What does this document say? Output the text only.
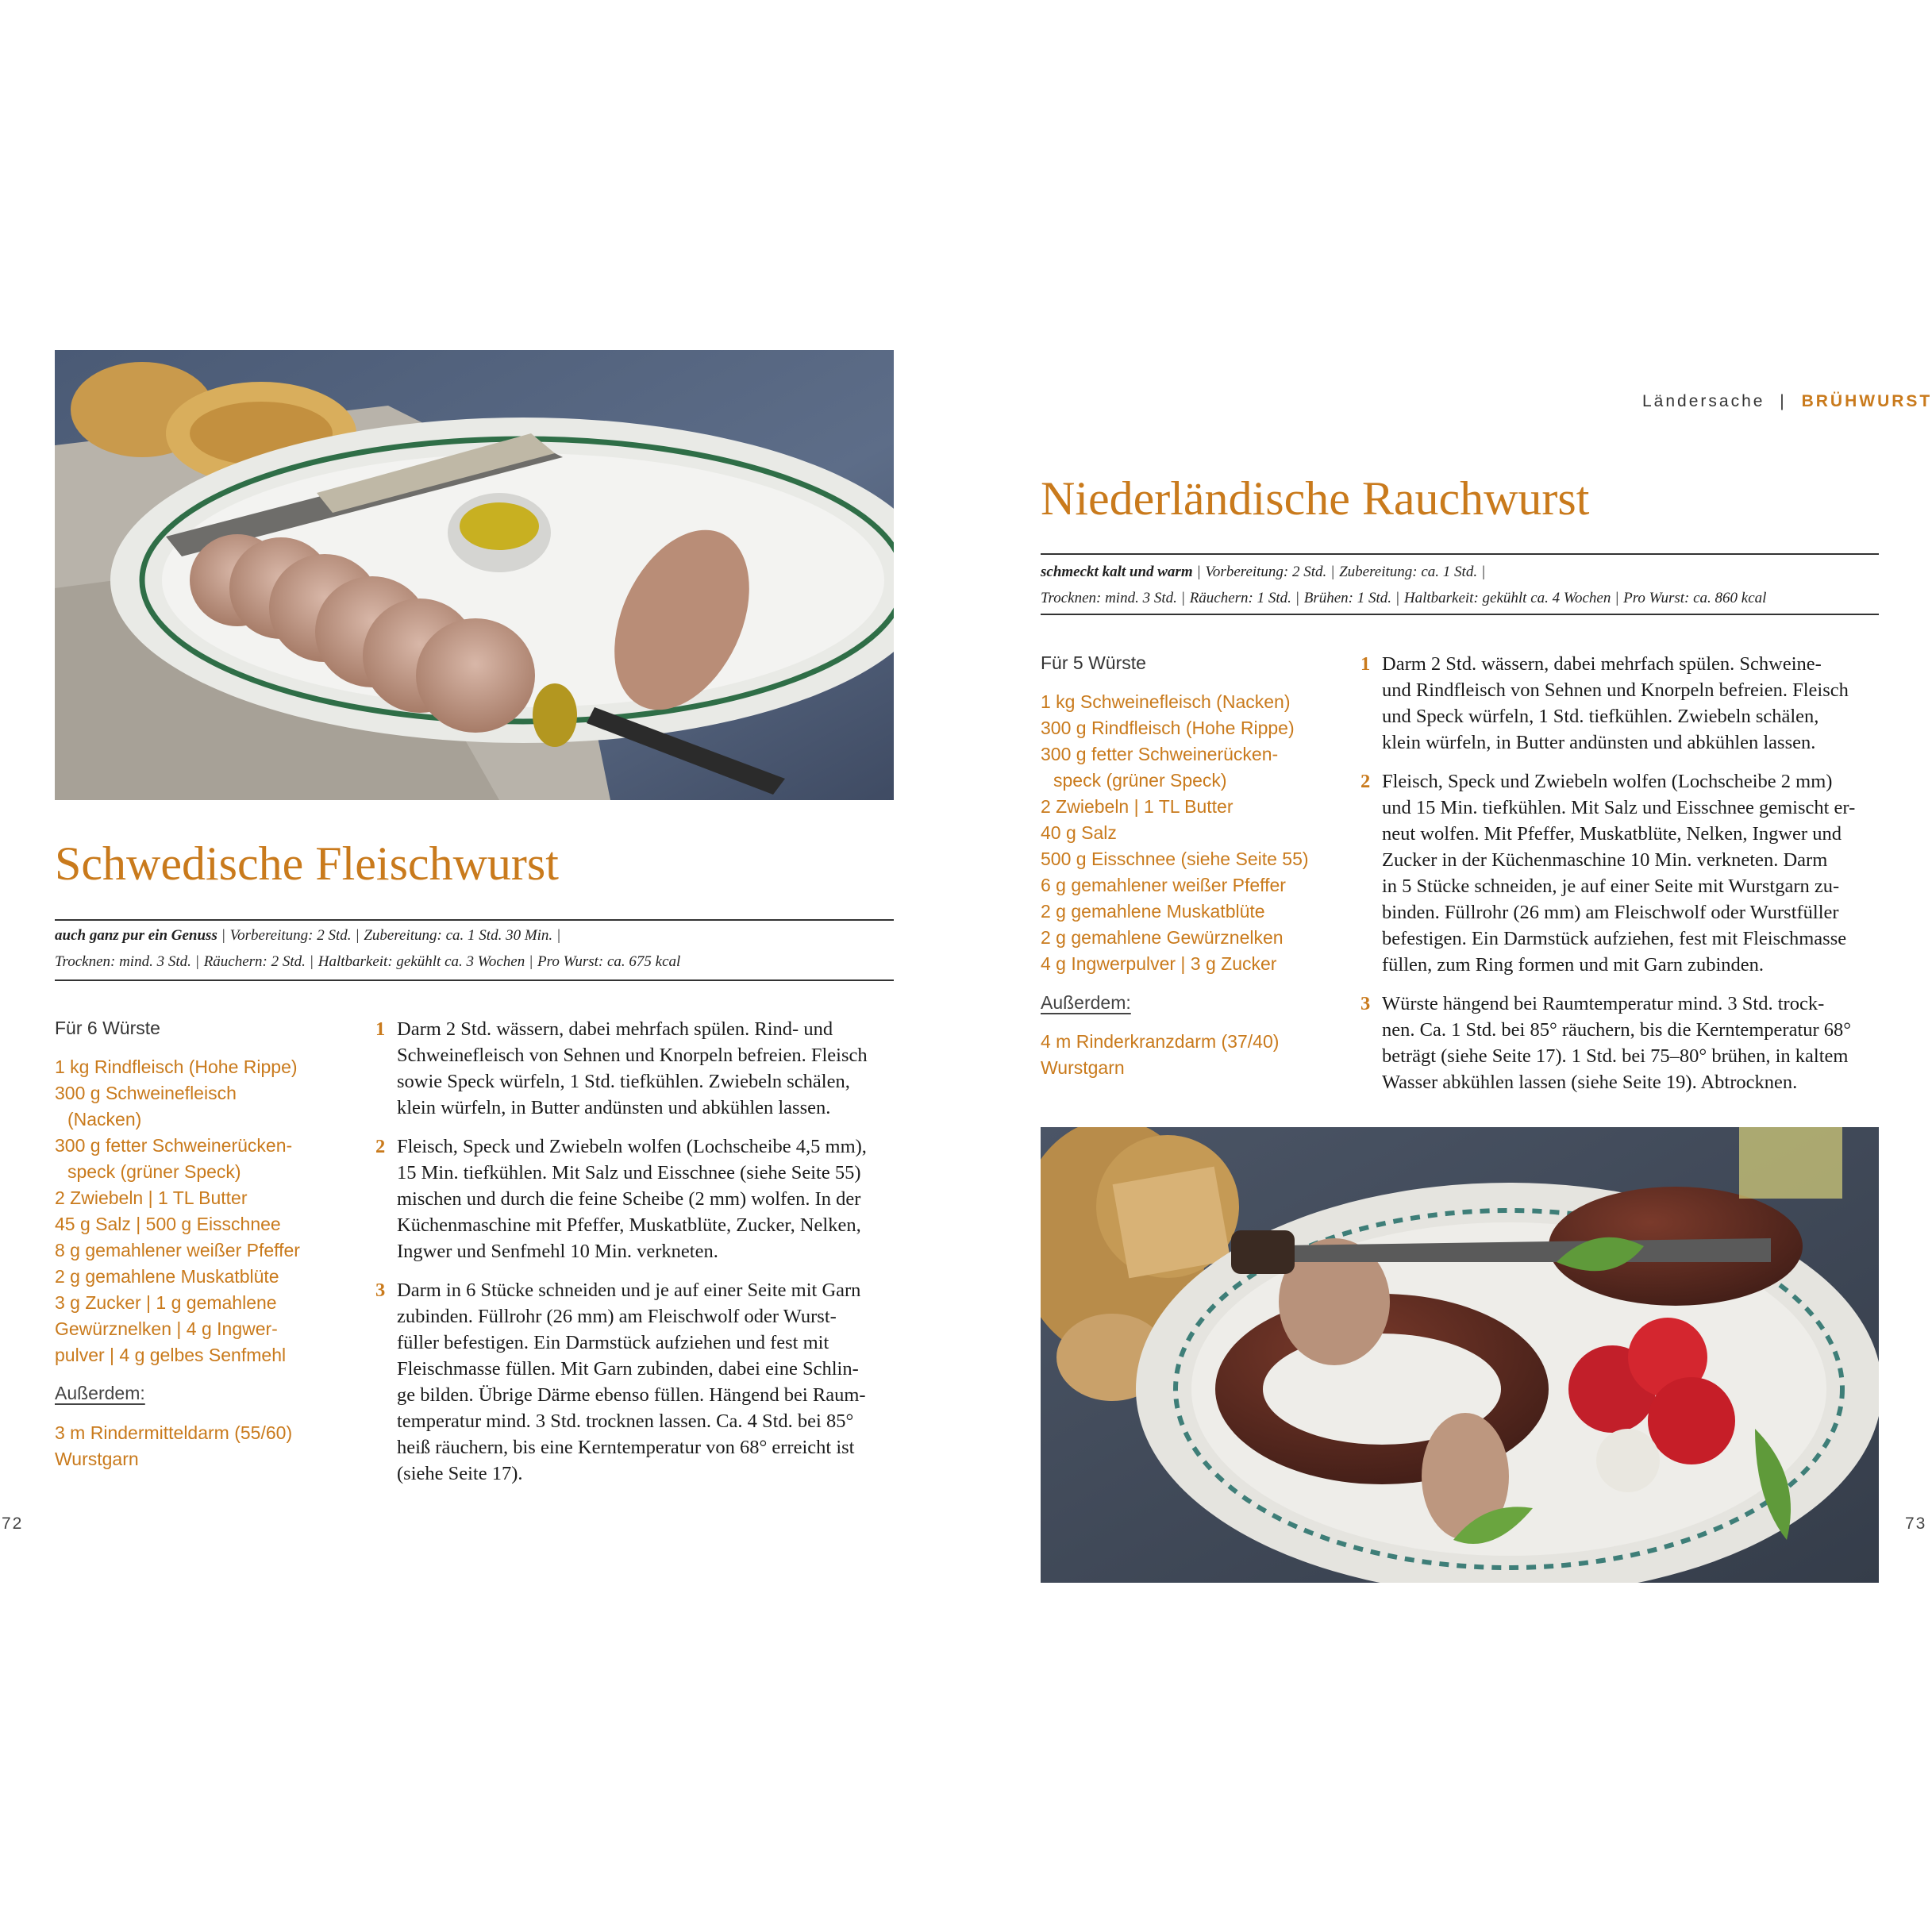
Schwedische Fleischwurst
auch ganz pur ein Genuss | Vorbereitung: 2 Std. | Zubereitung: ca. 1 Std. 30 Min. |
Trocknen: mind. 3 Std. | Räuchern: 2 Std. | Haltbarkeit: gekühlt ca. 3 Wochen | Pro Wurst: ca. 675 kcal
Für 6 Würste
1 kg Rindfleisch (Hohe Rippe)
300 g Schweinefleisch
(Nacken)
300 g fetter Schweinerücken-
speck (grüner Speck)
2 Zwiebeln | 1 TL Butter
45 g Salz | 500 g Eisschnee
8 g gemahlener weißer Pfeffer
2 g gemahlene Muskatblüte
3 g Zucker | 1 g gemahlene
Gewürznelken | 4 g Ingwer-
pulver | 4 g gelbes Senfmehl
Außerdem:
3 m Rindermitteldarm (55/60)
Wurstgarn
1 Darm 2 Std. wässern, dabei mehrfach spülen. Rind- und
Schweinefleisch von Sehnen und Knorpeln befreien. Fleisch
sowie Speck würfeln, 1 Std. tiefkühlen. Zwiebeln schälen,
klein würfeln, in Butter andünsten und abkühlen lassen.
2 Fleisch, Speck und Zwiebeln wolfen (Lochscheibe 4,5 mm),
15 Min. tiefkühlen. Mit Salz und Eisschnee (siehe Seite 55)
mischen und durch die feine Scheibe (2 mm) wolfen. In der
Küchenmaschine mit Pfeffer, Muskatblüte, Zucker, Nelken,
Ingwer und Senfmehl 10 Min. verkneten.
3 Darm in 6 Stücke schneiden und je auf einer Seite mit Garn
zubinden. Füllrohr (26 mm) am Fleischwolf oder Wurst-
füller befestigen. Ein Darmstück aufziehen und fest mit
Fleischmasse füllen. Mit Garn zubinden, dabei eine Schlin-
ge bilden. Übrige Därme ebenso füllen. Hängend bei Raum-
temperatur mind. 3 Std. trocknen lassen. Ca. 4 Std. bei 85°
heiß räuchern, bis eine Kerntemperatur von 68° erreicht ist
(siehe Seite 17).
72
Ländersache | BRÜHWURST
Niederländische Rauchwurst
schmeckt kalt und warm | Vorbereitung: 2 Std. | Zubereitung: ca. 1 Std. |
Trocknen: mind. 3 Std. | Räuchern: 1 Std. | Brühen: 1 Std. | Haltbarkeit: gekühlt ca. 4 Wochen | Pro Wurst: ca. 860 kcal
Für 5 Würste
1 kg Schweinefleisch (Nacken)
300 g Rindfleisch (Hohe Rippe)
300 g fetter Schweinerücken-
speck (grüner Speck)
2 Zwiebeln | 1 TL Butter
40 g Salz
500 g Eisschnee (siehe Seite 55)
6 g gemahlener weißer Pfeffer
2 g gemahlene Muskatblüte
2 g gemahlene Gewürznelken
4 g Ingwerpulver | 3 g Zucker
Außerdem:
4 m Rinderkranzdarm (37/40)
Wurstgarn
1 Darm 2 Std. wässern, dabei mehrfach spülen. Schweine-
und Rindfleisch von Sehnen und Knorpeln befreien. Fleisch
und Speck würfeln, 1 Std. tiefkühlen. Zwiebeln schälen,
klein würfeln, in Butter andünsten und abkühlen lassen.
2 Fleisch, Speck und Zwiebeln wolfen (Lochscheibe 2 mm)
und 15 Min. tiefkühlen. Mit Salz und Eisschnee gemischt er-
neut wolfen. Mit Pfeffer, Muskatblüte, Nelken, Ingwer und
Zucker in der Küchenmaschine 10 Min. verkneten. Darm
in 5 Stücke schneiden, je auf einer Seite mit Wurstgarn zu-
binden. Füllrohr (26 mm) am Fleischwolf oder Wurstfüller
befestigen. Ein Darmstück aufziehen, fest mit Fleischmasse
füllen, zum Ring formen und mit Garn zubinden.
3 Würste hängend bei Raumtemperatur mind. 3 Std. trock-
nen. Ca. 1 Std. bei 85° räuchern, bis die Kerntemperatur 68°
beträgt (siehe Seite 17). 1 Std. bei 75–80° brühen, in kaltem
Wasser abkühlen lassen (siehe Seite 19). Abtrocknen.
73
